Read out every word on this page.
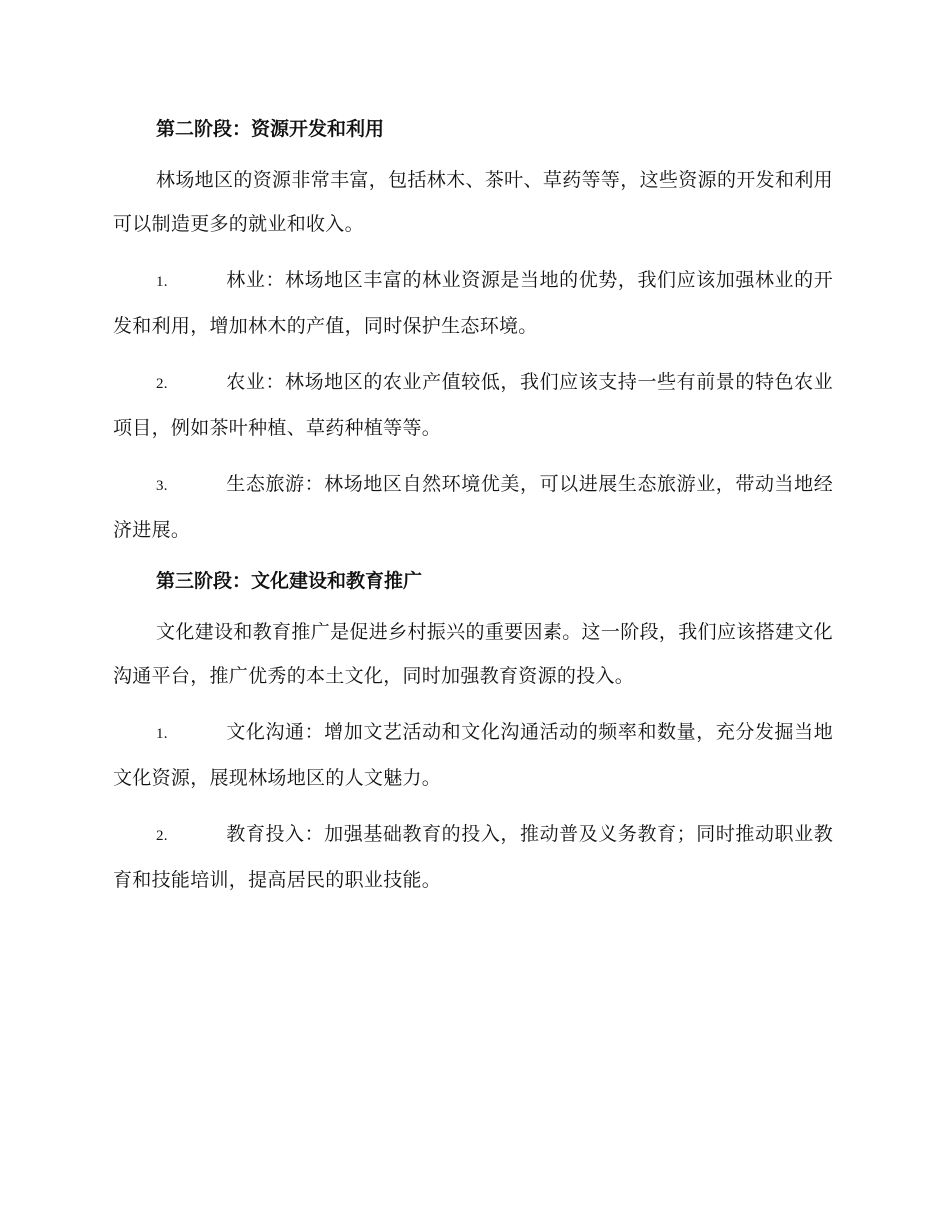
第二阶段：资源开发和利用
林场地区的资源非常丰富，包括林木、茶叶、草药等等，这些资源的开发和利用可以制造更多的就业和收入。
1.	林业：林场地区丰富的林业资源是当地的优势，我们应该加强林业的开发和利用，增加林木的产值，同时保护生态环境。
2.	农业：林场地区的农业产值较低，我们应该支持一些有前景的特色农业项目，例如茶叶种植、草药种植等等。
3.	生态旅游：林场地区自然环境优美，可以进展生态旅游业，带动当地经济进展。
第三阶段：文化建设和教育推广
文化建设和教育推广是促进乡村振兴的重要因素。这一阶段，我们应该搭建文化沟通平台，推广优秀的本土文化，同时加强教育资源的投入。
1.	文化沟通：增加文艺活动和文化沟通活动的频率和数量，充分发掘当地文化资源，展现林场地区的人文魅力。
2.	教育投入：加强基础教育的投入，推动普及义务教育；同时推动职业教育和技能培训，提高居民的职业技能。
